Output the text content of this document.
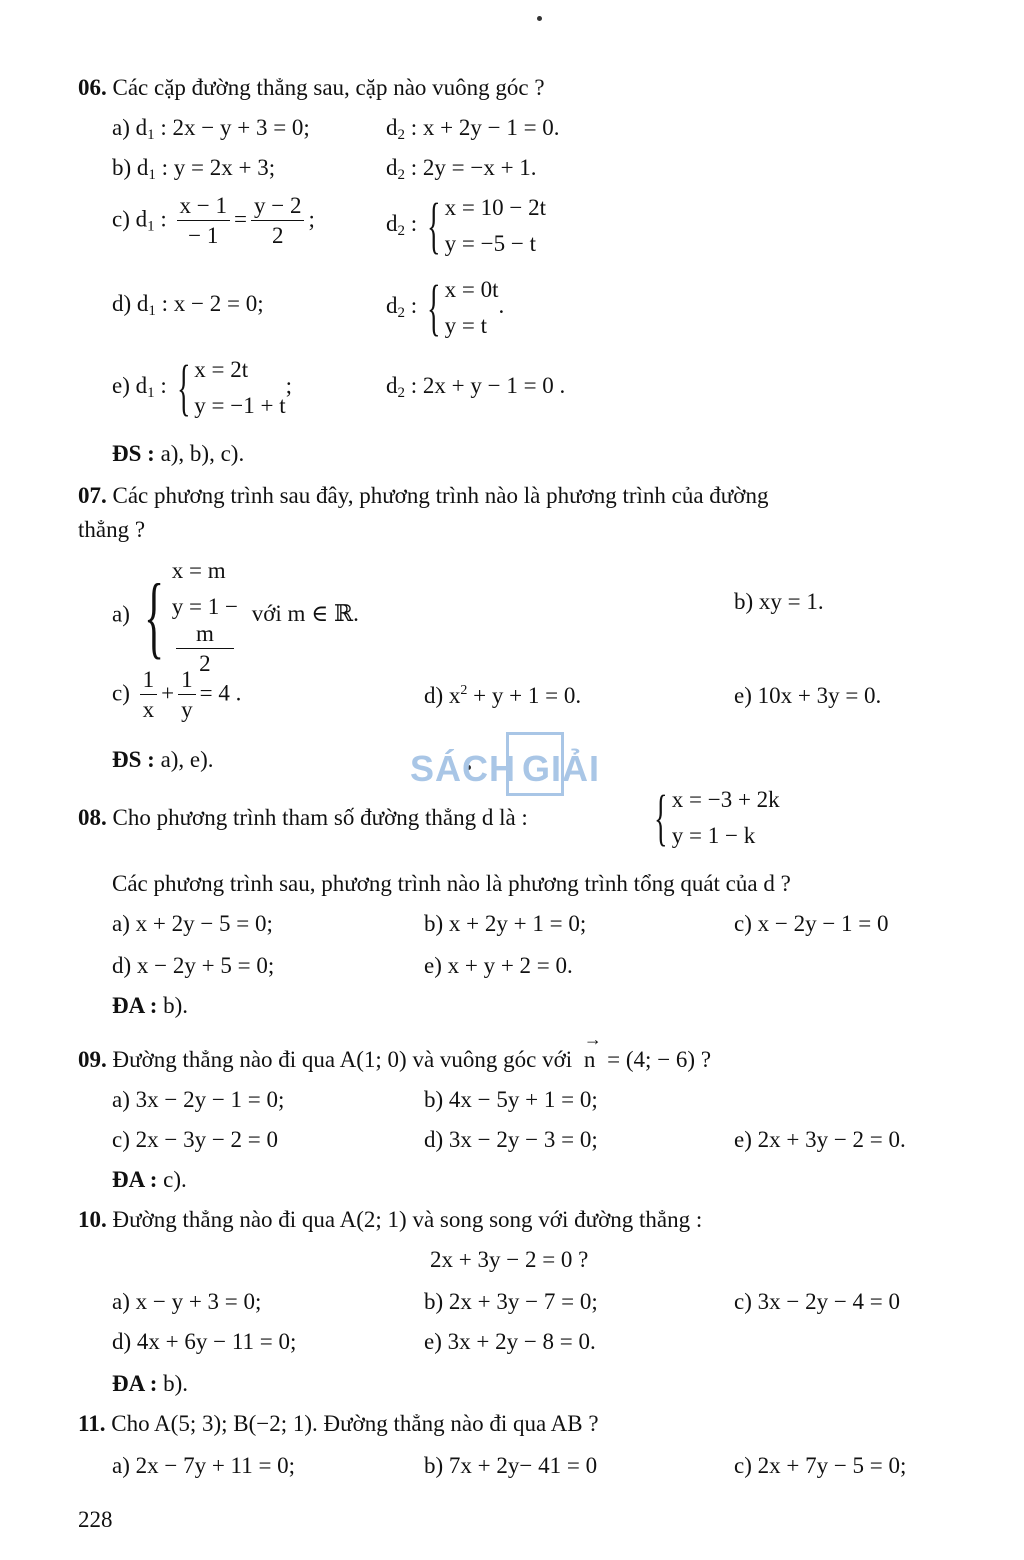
06. Các cặp đường thẳng sau, cặp nào vuông góc ?
a) $d_1$ : 2x − y + 3 = 0;	$d_2$ : x + 2y − 1 = 0.
b) $d_1$ : y = 2x + 3;	$d_2$ : 2y = −x + 1.
c) $d_1$ : $\frac{x - 1}{- 1} = \frac{y - 2}{2}$ ;	$d_2$ : { x = 10 − 2t
y = −5 − t
d) $d_1$ : x − 2 = 0;	$d_2$ : { x = 0t
y = t
.
e) $d_1$ : { x = 2t
y = −1 + t
;	$d_2$ : 2x + y − 1 = 0 .
ĐS : a), b), c).
07. Các phương trình sau đây, phương trình nào là phương trình của đường
thẳng ?
a) { x = m
y = 1 −
m
2
với m ∈ ℝ.	b) xy = 1.
$c) \frac{1}{x} + \frac{1}{y} = 4$ .	d) $x^2 + y + 1 = 0$.	e) 10x + 3y = 0.
ĐS : a), e).	SÁCH GIẢI
08. Cho phương trình tham số đường thẳng d là : { x = −3 + 2k
y = 1 − k
Các phương trình sau, phương trình nào là phương trình tổng quát của d ?
a) x + 2y − 5 = 0;	b) x + 2y + 1 = 0;	c) x − 2y − 1 = 0
d) x − 2y + 5 = 0;	e) x + y + 2 = 0.
ĐA : b).
09. Đường thẳng nào đi qua A(1; 0) và vuông góc với
→
n = (4; − 6) ?
a) 3x − 2y − 1 = 0;	b) 4x − 5y + 1 = 0;
c) 2x − 3y − 2 = 0	d) 3x − 2y − 3 = 0;	e) 2x + 3y − 2 = 0.
ĐA : c).
10. Đường thẳng nào đi qua A(2; 1) và song song với đường thẳng :
2x + 3y − 2 = 0 ?
a) x − y + 3 = 0;	b) 2x + 3y − 7 = 0;	c) 3x − 2y − 4 = 0
d) 4x + 6y − 11 = 0;	e) 3x + 2y − 8 = 0.
ĐA : b).
11. Cho A(5; 3); B(−2; 1). Đường thẳng nào đi qua AB ?
a) 2x − 7y + 11 = 0;	b) 7x + 2y− 41 = 0	c) 2x + 7y − 5 = 0;
228
